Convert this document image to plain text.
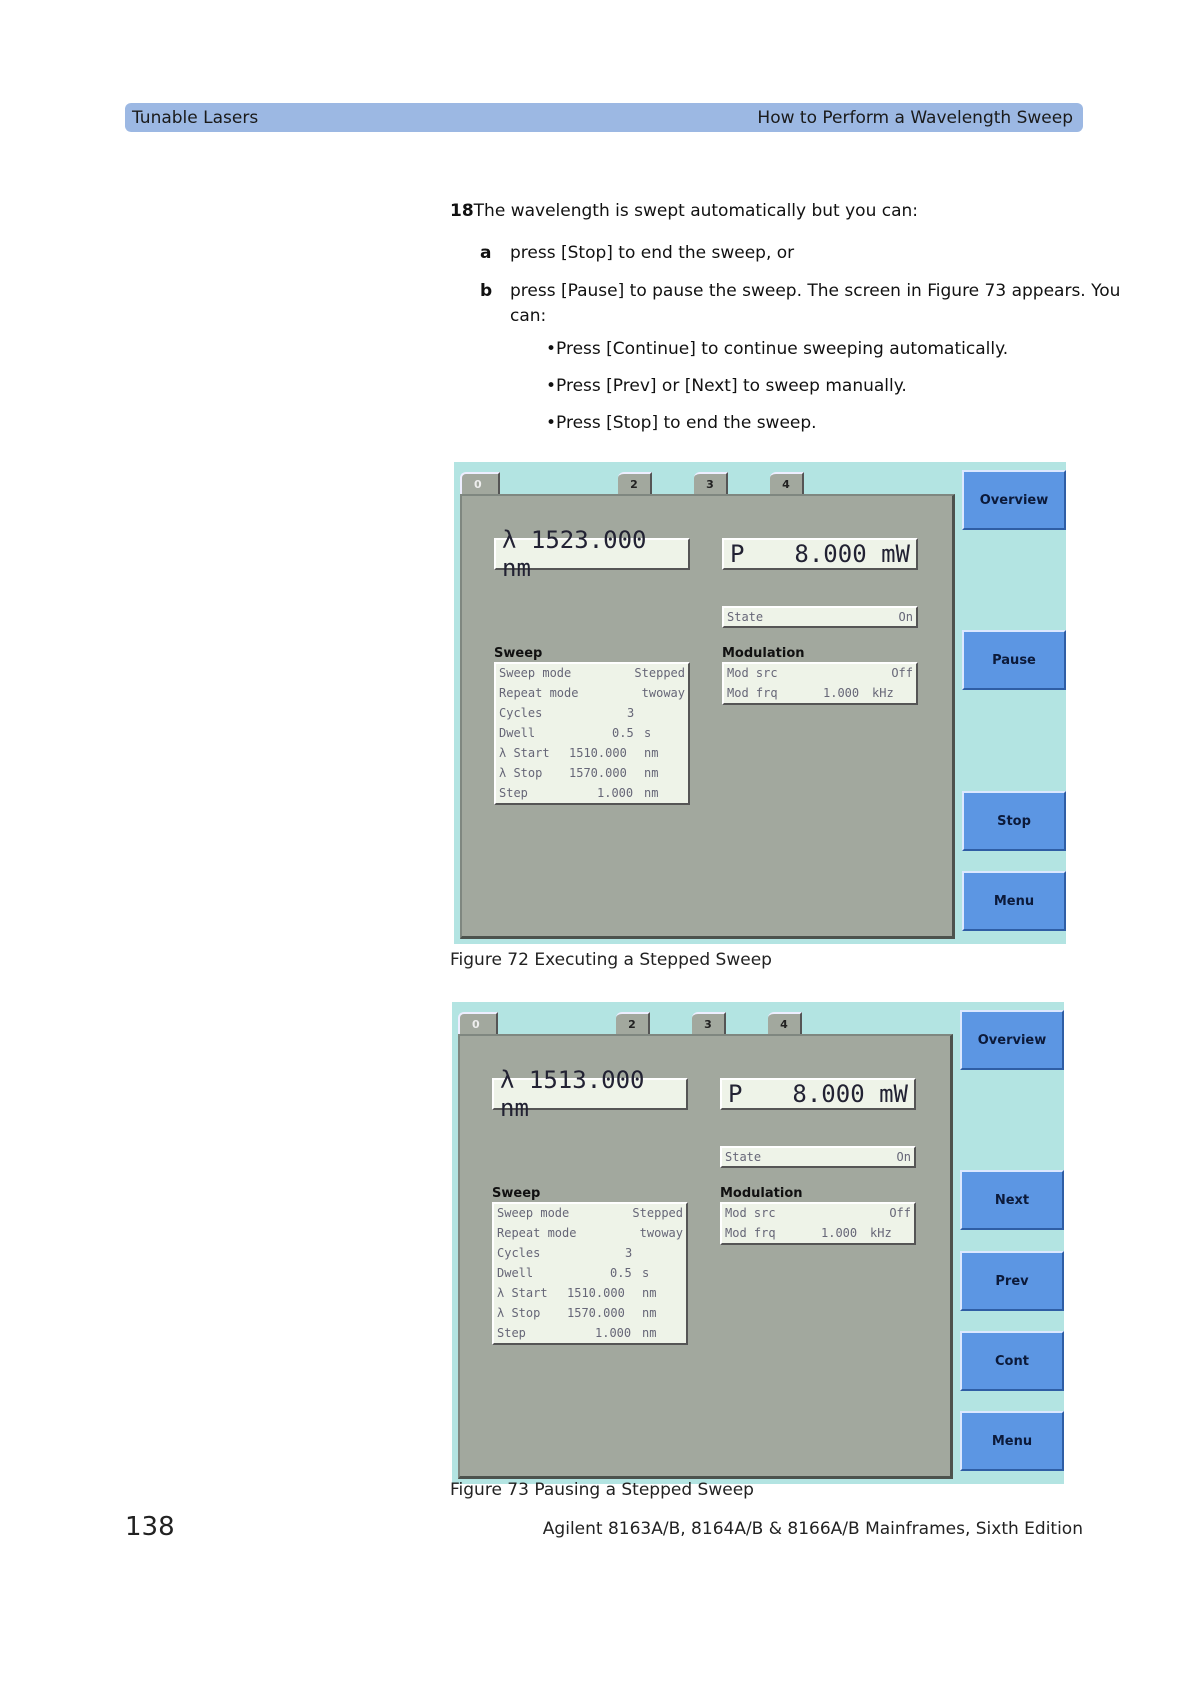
Tunable Lasers	How to Perform a Wavelength Sweep
18The wavelength is swept automatically but you can:
a press [Stop] to end the sweep, or
b press [Pause] to pause the sweep. The screen in Figure 73 appears. You
can:
•Press [Continue] to continue sweeping automatically.
•Press [Prev] or [Next] to sweep manually.
•Press [Stop] to end the sweep.
0	2	3	4
λ 1523.000 nm	P 8.000 mW
State	On
Sweep	Modulation
Sweep mode	Stepped
Repeat mode	twoway
Cycles	3
Dwell	0.5 s
λ Start 1510.000 nm
λ Stop 1570.000 nm
Step	1.000 nm
Mod src	Off
Mod frq	1.000 kHz
Overview
Pause
Stop
Menu
Figure 72 Executing a Stepped Sweep
0	2	3	4
λ 1513.000 nm	P 8.000 mW
State	On
Sweep	Modulation
Sweep mode	Stepped
Repeat mode	twoway
Cycles	3
Dwell	0.5 s
λ Start 1510.000 nm
λ Stop 1570.000 nm
Step	1.000 nm
Mod src	Off
Mod frq	1.000 kHz
Overview
Next
Prev
Cont
Menu
Figure 73 Pausing a Stepped Sweep
138	Agilent 8163A/B, 8164A/B & 8166A/B Mainframes, Sixth Edition
